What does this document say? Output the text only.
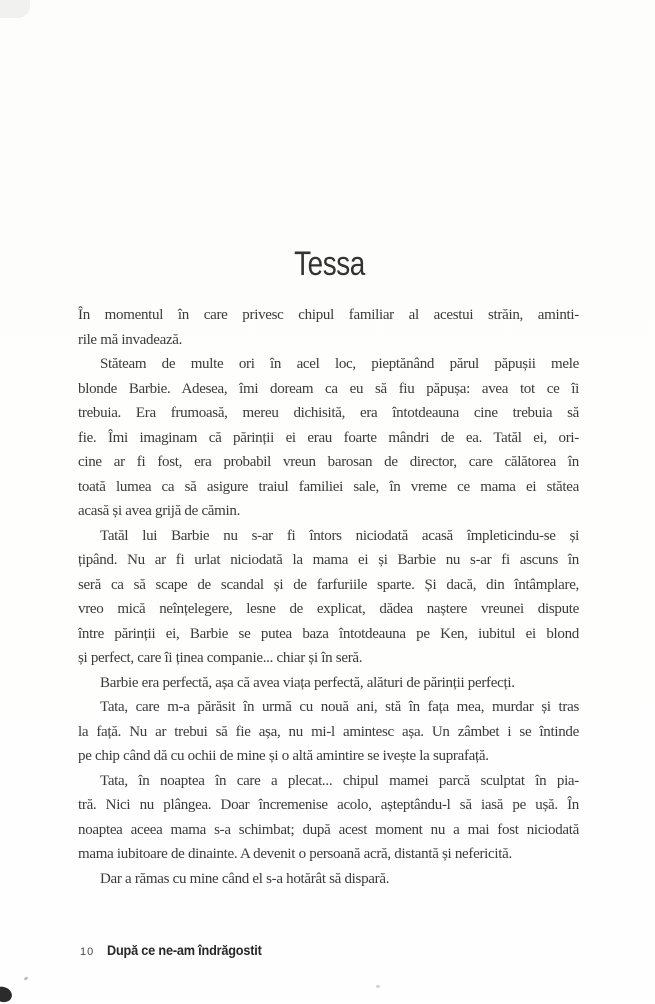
Tessa
În momentul în care privesc chipul familiar al acestui străin, aminti-
rile mă invadează.
Stăteam de multe ori în acel loc, pieptănând părul păpușii mele
blonde Barbie. Adesea, îmi doream ca eu să fiu păpușa: avea tot ce îi
trebuia. Era frumoasă, mereu dichisită, era întotdeauna cine trebuia să
fie. Îmi imaginam că părinții ei erau foarte mândri de ea. Tatăl ei, ori-
cine ar fi fost, era probabil vreun barosan de director, care călătorea în
toată lumea ca să asigure traiul familiei sale, în vreme ce mama ei stătea
acasă și avea grijă de cămin.
Tatăl lui Barbie nu s-ar fi întors niciodată acasă împleticindu-se și
țipând. Nu ar fi urlat niciodată la mama ei și Barbie nu s-ar fi ascuns în
seră ca să scape de scandal și de farfuriile sparte. Și dacă, din întâmplare,
vreo mică neînțelegere, lesne de explicat, dădea naștere vreunei dispute
între părinții ei, Barbie se putea baza întotdeauna pe Ken, iubitul ei blond
și perfect, care îi ținea companie... chiar și în seră.
Barbie era perfectă, așa că avea viața perfectă, alături de părinții perfecți.
Tata, care m-a părăsit în urmă cu nouă ani, stă în fața mea, murdar și tras
la față. Nu ar trebui să fie așa, nu mi-l amintesc așa. Un zâmbet i se întinde
pe chip când dă cu ochii de mine și o altă amintire se ivește la suprafață.
Tata, în noaptea în care a plecat... chipul mamei parcă sculptat în pia-
tră. Nici nu plângea. Doar încremenise acolo, așteptându-l să iasă pe ușă. În
noaptea aceea mama s-a schimbat; după acest moment nu a mai fost niciodată
mama iubitoare de dinainte. A devenit o persoană acră, distantă și nefericită.
Dar a rămas cu mine când el s-a hotărât să dispară.
10 După ce ne-am îndrăgostit
